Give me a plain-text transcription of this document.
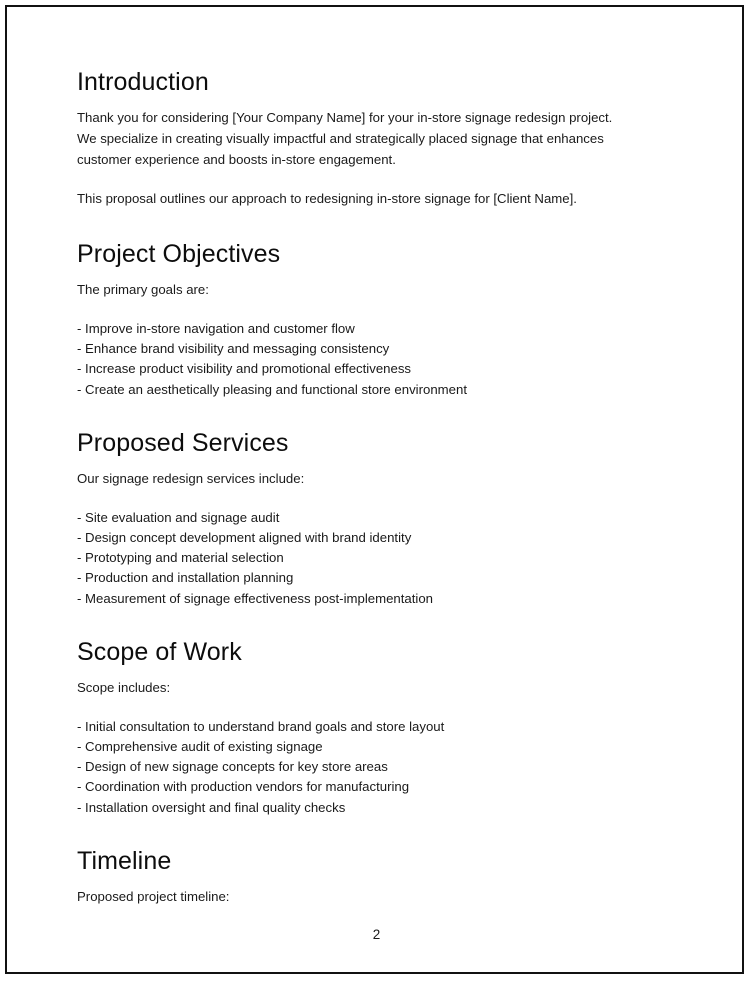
Introduction

Thank you for considering [Your Company Name] for your in-store signage redesign project. We specialize in creating visually impactful and strategically placed signage that enhances customer experience and boosts in-store engagement.

This proposal outlines our approach to redesigning in-store signage for [Client Name].

Project Objectives

The primary goals are:

- Improve in-store navigation and customer flow
- Enhance brand visibility and messaging consistency
- Increase product visibility and promotional effectiveness
- Create an aesthetically pleasing and functional store environment
Proposed Services

Our signage redesign services include:

- Site evaluation and signage audit
- Design concept development aligned with brand identity
- Prototyping and material selection
- Production and installation planning
- Measurement of signage effectiveness post-implementation
Scope of Work

Scope includes:

- Initial consultation to understand brand goals and store layout
- Comprehensive audit of existing signage
- Design of new signage concepts for key store areas
- Coordination with production vendors for manufacturing
- Installation oversight and final quality checks
Timeline

Proposed project timeline:

2
